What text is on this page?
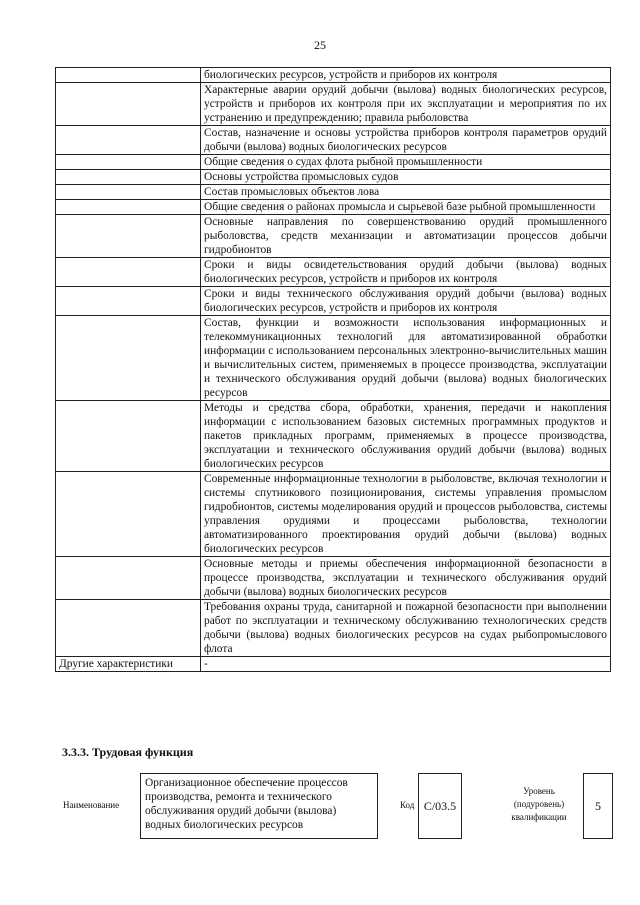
25
	биологических ресурсов, устройств и приборов их контроля
	Характерные аварии орудий добычи (вылова) водных биологических ресурсов, устройств и приборов их контроля при их эксплуатации и мероприятия по их устранению и предупреждению; правила рыболовства
	Состав, назначение и основы устройства приборов контроля параметров орудий добычи (вылова) водных биологических ресурсов
	Общие сведения о судах флота рыбной промышленности
	Основы устройства промысловых судов
	Состав промысловых объектов лова
	Общие сведения о районах промысла и сырьевой базе рыбной промышленности
	Основные направления по совершенствованию орудий промышленного рыболовства, средств механизации и автоматизации процессов добычи гидробионтов
	Сроки и виды освидетельствования орудий добычи (вылова) водных биологических ресурсов, устройств и приборов их контроля
	Сроки и виды технического обслуживания орудий добычи (вылова) водных биологических ресурсов, устройств и приборов их контроля
	Состав, функции и возможности использования информационных и телекоммуникационных технологий для автоматизированной обработки информации с использованием персональных электронно-вычислительных машин и вычислительных систем, применяемых в процессе производства, эксплуатации и технического обслуживания орудий добычи (вылова) водных биологических ресурсов
	Методы и средства сбора, обработки, хранения, передачи и накопления информации с использованием базовых системных программных продуктов и пакетов прикладных программ, применяемых в процессе производства, эксплуатации и технического обслуживания орудий добычи (вылова) водных биологических ресурсов
	Современные информационные технологии в рыболовстве, включая технологии и системы спутникового позиционирования, системы управления промыслом гидробионтов, системы моделирования орудий и процессов рыболовства, системы управления орудиями и процессами рыболовства, технологии автоматизированного проектирования орудий добычи (вылова) водных биологических ресурсов
	Основные методы и приемы обеспечения информационной безопасности в процессе производства, эксплуатации и технического обслуживания орудий добычи (вылова) водных биологических ресурсов
	Требования охраны труда, санитарной и пожарной безопасности при выполнении работ по эксплуатации и техническому обслуживанию технологических средств добычи (вылова) водных биологических ресурсов на судах рыбопромыслового флота
Другие характеристики	-
3.3.3. Трудовая функция
Наименование
Организационное обеспечение процессов производства, ремонта и технического обслуживания орудий добычи (вылова) водных биологических ресурсов
Код С/03.5
Уровень (подуровень) квалификации
5
